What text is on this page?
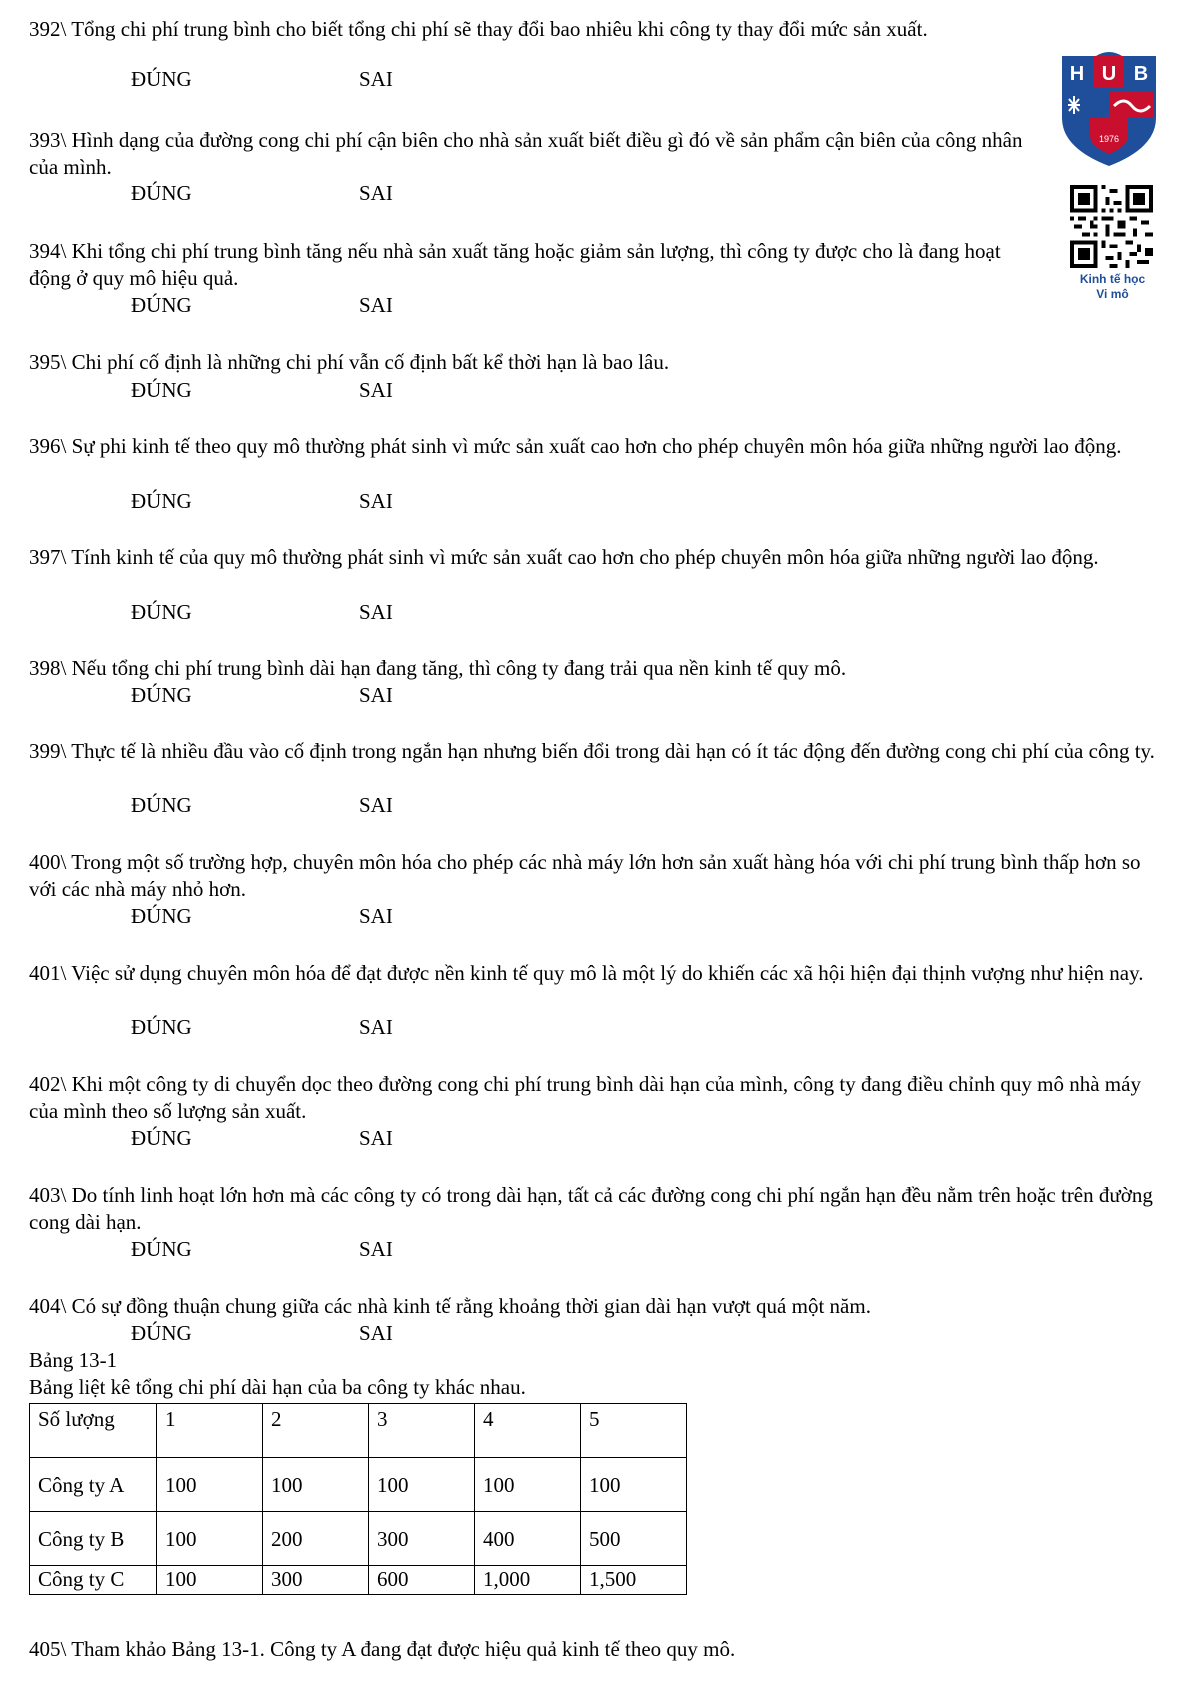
392\ Tổng chi phí trung bình cho biết tổng chi phí sẽ thay đổi bao nhiêu khi công ty thay đổi mức sản xuất.
ĐÚNG	SAI
393\ Hình dạng của đường cong chi phí cận biên cho nhà sản xuất biết điều gì đó về sản phẩm cận biên của công nhân của mình.
ĐÚNG	SAI
394\ Khi tổng chi phí trung bình tăng nếu nhà sản xuất tăng hoặc giảm sản lượng, thì công ty được cho là đang hoạt động ở quy mô hiệu quả.
ĐÚNG	SAI
395\ Chi phí cố định là những chi phí vẫn cố định bất kể thời hạn là bao lâu.
ĐÚNG	SAI
396\ Sự phi kinh tế theo quy mô thường phát sinh vì mức sản xuất cao hơn cho phép chuyên môn hóa giữa những người lao động.
ĐÚNG	SAI
397\ Tính kinh tế của quy mô thường phát sinh vì mức sản xuất cao hơn cho phép chuyên môn hóa giữa những người lao động.
ĐÚNG	SAI
398\ Nếu tổng chi phí trung bình dài hạn đang tăng, thì công ty đang trải qua nền kinh tế quy mô.
ĐÚNG	SAI
399\ Thực tế là nhiều đầu vào cố định trong ngắn hạn nhưng biến đổi trong dài hạn có ít tác động đến đường cong chi phí của công ty.
ĐÚNG	SAI
400\ Trong một số trường hợp, chuyên môn hóa cho phép các nhà máy lớn hơn sản xuất hàng hóa với chi phí trung bình thấp hơn so với các nhà máy nhỏ hơn.
ĐÚNG	SAI
401\ Việc sử dụng chuyên môn hóa để đạt được nền kinh tế quy mô là một lý do khiến các xã hội hiện đại thịnh vượng như hiện nay.
ĐÚNG	SAI
402\ Khi một công ty di chuyển dọc theo đường cong chi phí trung bình dài hạn của mình, công ty đang điều chỉnh quy mô nhà máy của mình theo số lượng sản xuất.
ĐÚNG	SAI
403\ Do tính linh hoạt lớn hơn mà các công ty có trong dài hạn, tất cả các đường cong chi phí ngắn hạn đều nằm trên hoặc trên đường cong dài hạn.
ĐÚNG	SAI
404\ Có sự đồng thuận chung giữa các nhà kinh tế rằng khoảng thời gian dài hạn vượt quá một năm.
ĐÚNG	SAI
Bảng 13-1
Bảng liệt kê tổng chi phí dài hạn của ba công ty khác nhau.
Số lượng	1	2	3	4	5
Công ty A	100	100	100	100	100
Công ty B	100	200	300	400	500
Công ty C	100	300	600	1,000	1,500
405\ Tham khảo Bảng 13-1. Công ty A đang đạt được hiệu quả kinh tế theo quy mô.
H U B
1976
Kinh tế học
Vi mô
